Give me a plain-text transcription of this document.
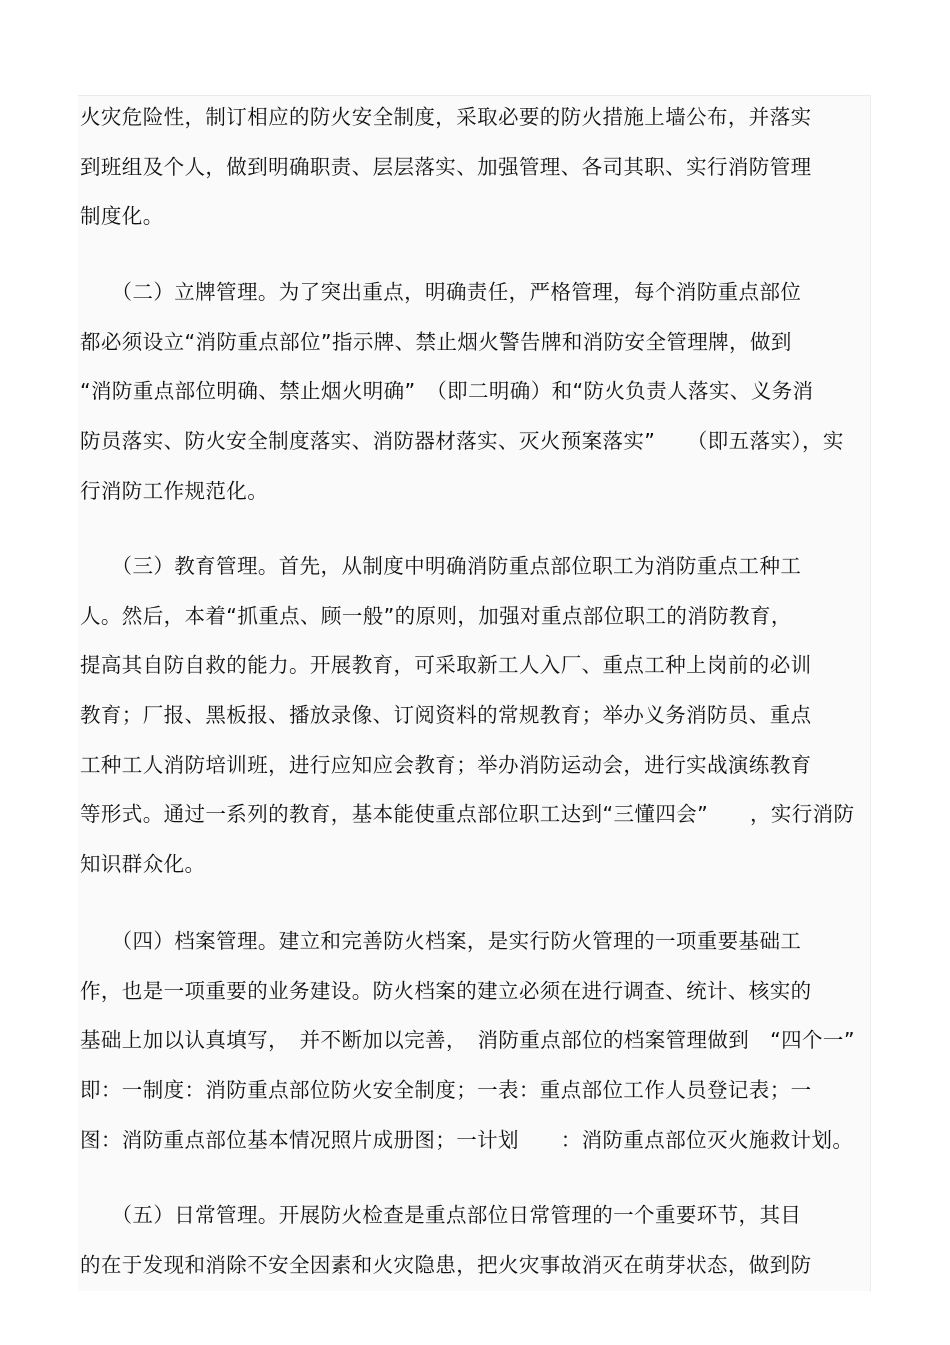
火灾危险性，制订相应的防火安全制度，采取必要的防火措施上墙公布，并落实
到班组及个人，做到明确职责、层层落实、加强管理、各司其职、实行消防管理
制度化。
　　（二）立牌管理。为了突出重点，明确责任，严格管理，每个消防重点部位
都必须设立“消防重点部位”指示牌、禁止烟火警告牌和消防安全管理牌，做到
“消防重点部位明确、禁止烟火明确”　（即二明确）和“防火负责人落实、义务消
防员落实、防火安全制度落实、消防器材落实、灭火预案落实”　　（即五落实），实
行消防工作规范化。
　　（三）教育管理。首先，从制度中明确消防重点部位职工为消防重点工种工
人。然后，本着“抓重点、顾一般”的原则，加强对重点部位职工的消防教育，
提高其自防自救的能力。开展教育，可采取新工人入厂、重点工种上岗前的必训
教育；厂报、黑板报、播放录像、订阅资料的常规教育；举办义务消防员、重点
工种工人消防培训班，进行应知应会教育；举办消防运动会，进行实战演练教育
等形式。通过一系列的教育，基本能使重点部位职工达到“三懂四会”　　，实行消防
知识群众化。
　　（四）档案管理。建立和完善防火档案，是实行防火管理的一项重要基础工
作，也是一项重要的业务建设。防火档案的建立必须在进行调查、统计、核实的
基础上加以认真填写，　并不断加以完善，　消防重点部位的档案管理做到　“四个一”
即：一制度：消防重点部位防火安全制度；一表：重点部位工作人员登记表；一
图：消防重点部位基本情况照片成册图；一计划　　：消防重点部位灭火施救计划。
　　（五）日常管理。开展防火检查是重点部位日常管理的一个重要环节，其目
的在于发现和消除不安全因素和火灾隐患，把火灾事故消灭在萌芽状态，做到防
